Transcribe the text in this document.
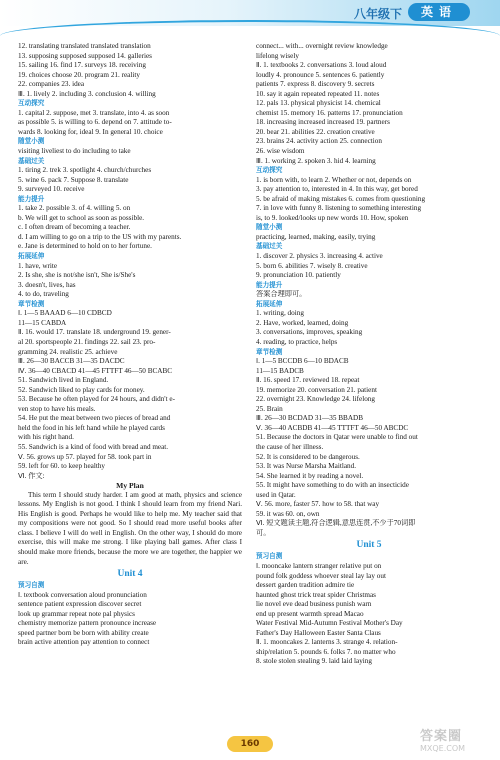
八年级下	英语
12. translating translated translated translation
13. supposing supposed supposed 14. galleries
15. sailing 16. find 17. surveys 18. receiving
19. choices choose 20. program 21. reality
22. companies 23. idea
Ⅲ. 1. lively 2. including 3. conclusion 4. willing
互动探究
1. capital 2. suppose, met 3. translate, into 4. as soon
as possible 5. is willing to 6. depend on 7. attitude to-
wards 8. looking for, ideal 9. In general 10. choice
随堂小测
visiting liveliest to do including to take
基础过关
1. tiring 2. trek 3. spotlight 4. church/churches
5. wine 6. pack 7. Suppose 8. translate
9. surveyed 10. receive
能力提升
1. take 2. possible 3. of 4. willing 5. on
b. We will get to school as soon as possible.
c. I often dream of becoming a teacher.
d. I am willing to go on a trip to the US with my parents.
e. Jane is determined to hold on to her fortune.
拓展延伸
1. have, write
2. Is she, she is not/she isn't, She is/She's
3. doesn't, lives, has
4. to do, traveling
章节检测
Ⅰ. 1—5 BAAAD 6—10 CDBCD
11—15 CABDA
Ⅱ. 16. would 17. translate 18. underground 19. gener-
al 20. sportspeople 21. findings 22. sail 23. pro-
gramming 24. realistic 25. achieve
Ⅲ. 26—30 BACCB 31—35 DACDC
Ⅳ. 36—40 CBACD 41—45 FTTFT 46—50 BCABC
51. Sandwich lived in England.
52. Sandwich liked to play cards for money.
53. Because he often played for 24 hours, and didn't e-
ven stop to have his meals.
54. He put the meat between two pieces of bread and
held the food in his left hand while he played cards
with his right hand.
55. Sandwich is a kind of food with bread and meat.
Ⅴ. 56. grows up 57. played for 58. took part in
59. left for 60. to keep healthy
Ⅵ. 作文:
My Plan
This term I should study harder. I am good at math, physics and science lessons. My English is not good. I think I should learn from my friend Nari. His English is good. Perhaps he would like to help me. My teacher said that my compositions were not good. So I should read more useful books after class. I believe I will do well in English. On the other way, I should do more exercise, this will make me strong. I like playing ball games. After class I should make more friends, because the more we are together, the happier we are.
Unit 4
预习自测
Ⅰ. textbook conversation aloud pronunciation
sentence patient expression discover secret
look up grammar repeat note pal physics
chemistry memorize pattern pronounce increase
speed partner born be born with ability create
brain active attention pay attention to connect
connect... with... overnight review knowledge
lifelong wisely
Ⅱ. 1. textbooks 2. conversations 3. loud aloud
loudly 4. pronounce 5. sentences 6. patiently
patients 7. express 8. discovery 9. secrets
10. say it again repeated repeated 11. notes
12. pals 13. physical physicist 14. chemical
chemist 15. memory 16. patterns 17. pronunciation
18. increasing increased increased 19. partners
20. bear 21. abilities 22. creation creative
23. brains 24. activity action 25. connection
26. wise wisdom
Ⅲ. 1. working 2. spoken 3. hid 4. learning
互动探究
1. is born with, to learn 2. Whether or not, depends on
3. pay attention to, interested in 4. In this way, get bored
5. be afraid of making mistakes 6. comes from questioning
7. in love with funny 8. listening to something interesting
is, to 9. looked/looks up new words 10. How, spoken
随堂小测
practicing, learned, making, easily, trying
基础过关
1. discover 2. physics 3. increasing 4. active
5. born 6. abilities 7. wisely 8. creative
9. pronunciation 10. patiently
能力提升
答案合理即可。
拓展延伸
1. writing, doing
2. Have, worked, learned, doing
3. conversations, improves, speaking
4. reading, to practice, helps
章节检测
Ⅰ. 1—5 BCCDB 6—10 BDACB
11—15 BADCB
Ⅱ. 16. speed 17. reviewed 18. repeat
19. memorize 20. conversation 21. patient
22. overnight 23. Knowledge 24. lifelong
25. Brain
Ⅲ. 26—30 BCDAD 31—35 BBADB
Ⅴ. 36—40 ACBDB 41—45 TTTFT 46—50 ABCDC
51. Because the doctors in Qatar were unable to find out
the cause of her illness.
52. It is considered to be dangerous.
53. It was Nurse Marsha Maitland.
54. She learned it by reading a novel.
55. It might have something to do with an insecticide
used in Qatar.
Ⅴ. 56. more, faster 57. how to 58. that way
59. it was 60. on, own
Ⅵ. 短文题读主题,符合逻辑,意思连贯,不少于70词即
可。
Unit 5
预习自测
Ⅰ. mooncake lantern stranger relative put on
pound folk goddess whoever steal lay lay out
dessert garden tradition admire tie
haunted ghost trick treat spider Christmas
lie novel eve dead business punish warn
end up present warmth spread Macao
Water Festival Mid-Autumn Festival Mother's Day
Father's Day Halloween Easter Santa Claus
Ⅱ. 1. mooncakes 2. lanterns 3. strange 4. relation-
ship/relation 5. pounds 6. folks 7. no matter who
8. stole stolen stealing 9. laid laid laying
160	答案圈
MXQE.COM
